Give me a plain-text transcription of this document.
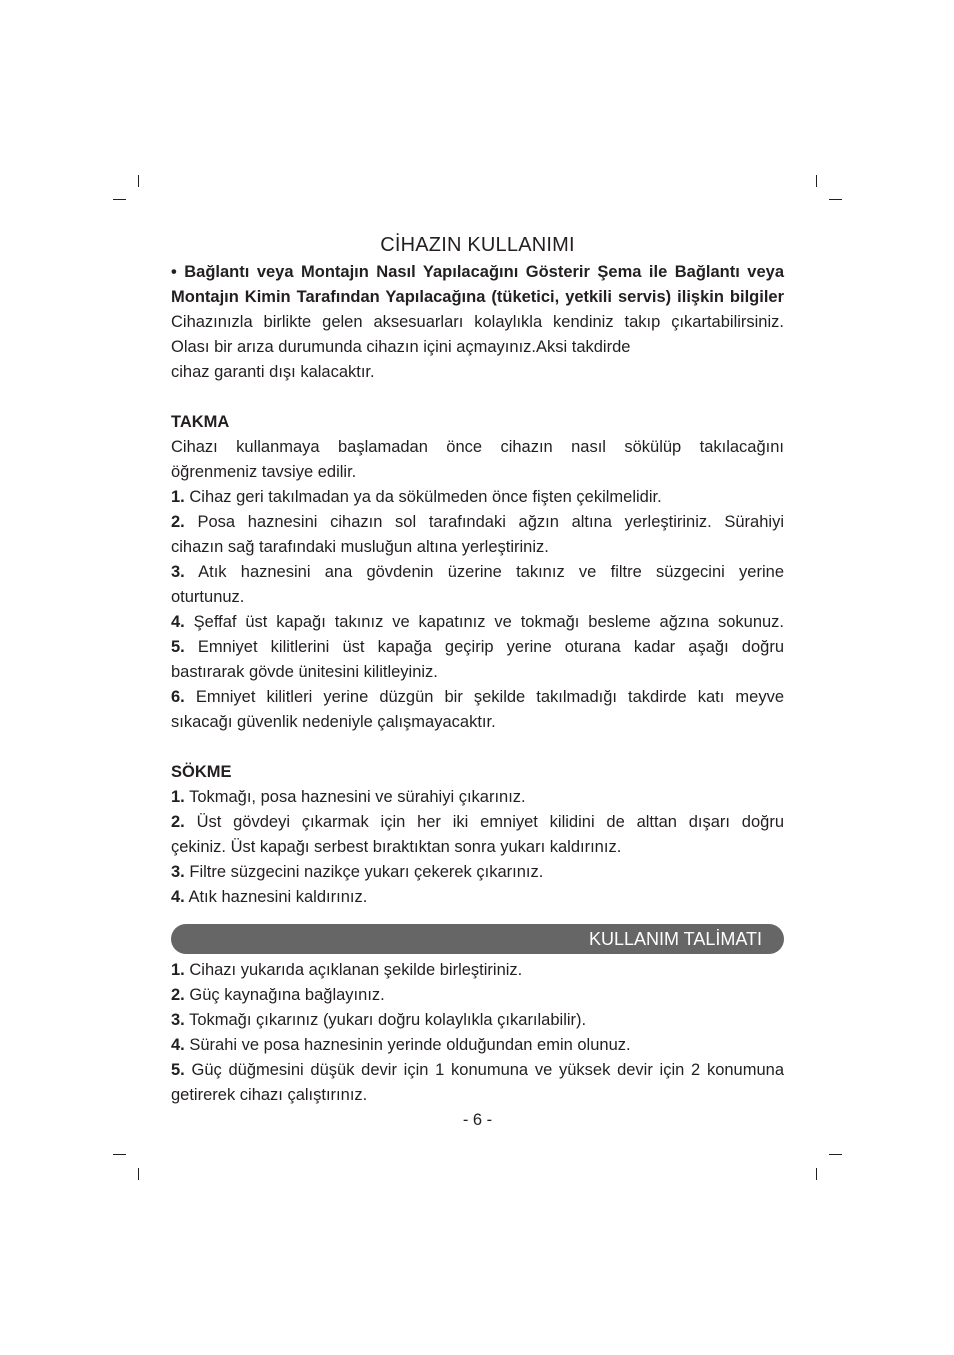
CİHAZIN KULLANIMI
• Bağlantı veya Montajın Nasıl Yapılacağını Gösterir Şema ile Bağlantı veya
Montajın Kimin Tarafından Yapılacağına (tüketici, yetkili servis) ilişkin bilgiler
Cihazınızla birlikte gelen aksesuarları kolaylıkla kendiniz takıp çıkartabilirsiniz.
Olası bir arıza durumunda cihazın içini açmayınız.Aksi takdirde
cihaz garanti dışı kalacaktır.
TAKMA
Cihazı kullanmaya başlamadan önce cihazın nasıl sökülüp takılacağını
öğrenmeniz tavsiye edilir.
1. Cihaz geri takılmadan ya da sökülmeden önce fişten çekilmelidir.
2. Posa haznesini cihazın sol tarafındaki ağzın altına yerleştiriniz. Sürahiyi
cihazın sağ tarafındaki musluğun altına yerleştiriniz.
3. Atık haznesini ana gövdenin üzerine takınız ve filtre süzgecini yerine
oturtunuz.
4. Şeffaf üst kapağı takınız ve kapatınız ve tokmağı besleme ağzına sokunuz.
5. Emniyet kilitlerini üst kapağa geçirip yerine oturana kadar aşağı doğru
bastırarak gövde ünitesini kilitleyiniz.
6. Emniyet kilitleri yerine düzgün bir şekilde takılmadığı takdirde katı meyve
sıkacağı güvenlik nedeniyle çalışmayacaktır.
SÖKME
1. Tokmağı, posa haznesini ve sürahiyi çıkarınız.
2. Üst gövdeyi çıkarmak için her iki emniyet kilidini de alttan dışarı doğru
çekiniz. Üst kapağı serbest bıraktıktan sonra yukarı kaldırınız.
3. Filtre süzgecini nazikçe yukarı çekerek çıkarınız.
4. Atık haznesini kaldırınız.
KULLANIM TALİMATI
1. Cihazı yukarıda açıklanan şekilde birleştiriniz.
2. Güç kaynağına bağlayınız.
3. Tokmağı çıkarınız (yukarı doğru kolaylıkla çıkarılabilir).
4. Sürahi ve posa haznesinin yerinde olduğundan emin olunuz.
5. Güç düğmesini düşük devir için 1 konumuna ve yüksek devir için 2 konumuna
getirerek cihazı çalıştırınız.
- 6 -
